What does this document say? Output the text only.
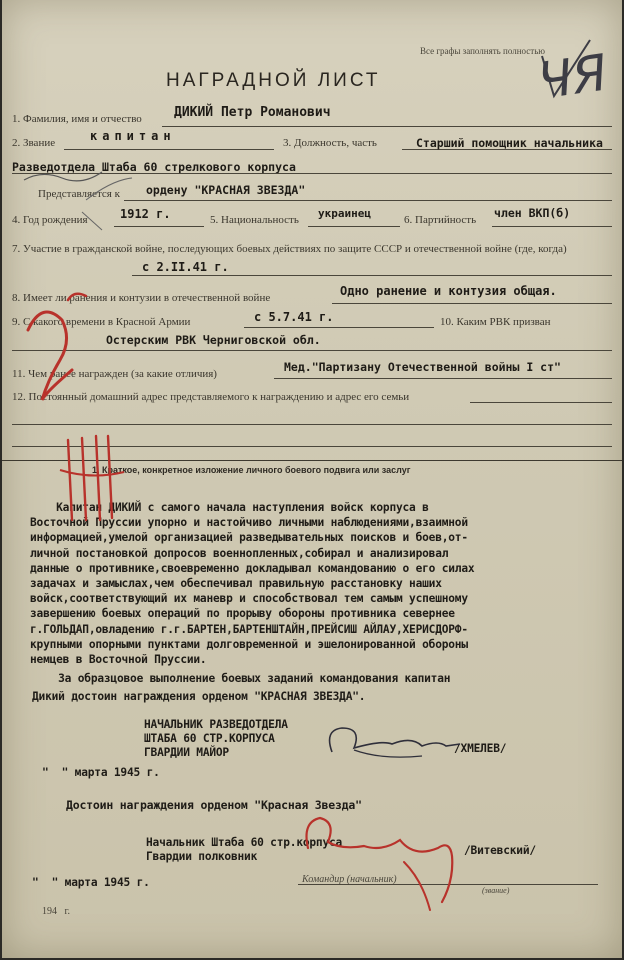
Все графы заполнять полностью
НАГРАДНОЙ ЛИСТ
1. Фамилия, имя и отчество ДИКИЙ Петр Романович
2. Звание	капитан	3. Должность, часть	Старший помощник начальника Разведотдела Штаба 60 стрелкового корпуса
Представляется к ордену "КРАСНАЯ ЗВЕЗДА"
4. Год рождения	1912 г.	5. Национальность украинец	6. Партийность член ВКП(б)
7. Участие в гражданской войне, последующих боевых действиях по защите СССР и отечественной войне (где, когда)
с 2.II.41 г.
8. Имеет ли ранения и контузии в отечественной войне	Одно ранение и контузия общая.
9. С какого времени в Красной Армии	с 5.7.41 г.	10. Каким РВК призван
Остерским РВК Черниговской обл.
11. Чем ранее награжден (за какие отличия)	Мед."Партизану Отечественной войны I ст"
12. Постоянный домашний адрес представляемого к награждению и адрес его семьи
1. Краткое, конкретное изложение личного боевого подвига или заслуг
Капитан ДИКИЙ с самого начала наступления войск корпуса в
Восточной Пруссии упорно и настойчиво личными наблюдениями,взаимной
информацией,умелой организацией разведывательных поисков и боев,от-
личной постановкой допросов военнопленных,собирал и анализировал
данные о противнике,своевременно докладывал командованию о его силах
задачах и замыслах,чем обеспечивал правильную расстановку наших
войск,соответствующий их маневр и способствовал тем самым успешному
завершению боевых операций по прорыву обороны противника севернее
г.ГОЛЬДАП,овладению г.г.БАРТЕН,БАРТЕНШТАЙН,ПРЕЙСИШ АЙЛАУ,ХЕРИСДОРФ-
крупными опорными пунктами долговременной и эшелонированной обороны
немцев в Восточной Пруссии.
За образцовое выполнение боевых заданий командования капитан
Дикий достоин награждения орденом "КРАСНАЯ ЗВЕЗДА".
НАЧАЛЬНИК РАЗВЕДОТДЕЛА
ШТАБА 60 СТР.КОРПУСА
ГВАРДИИ МАЙОР	/ХМЕЛЕВ/
"  " марта 1945 г.
Достоин награждения орденом "Красная Звезда"
Начальник Штаба 60 стр.корпуса
Гвардии полковник	/Витевский/
"  " марта 1945 г.	Командир (начальник)
(звание)
194   г.
ЧЯ
